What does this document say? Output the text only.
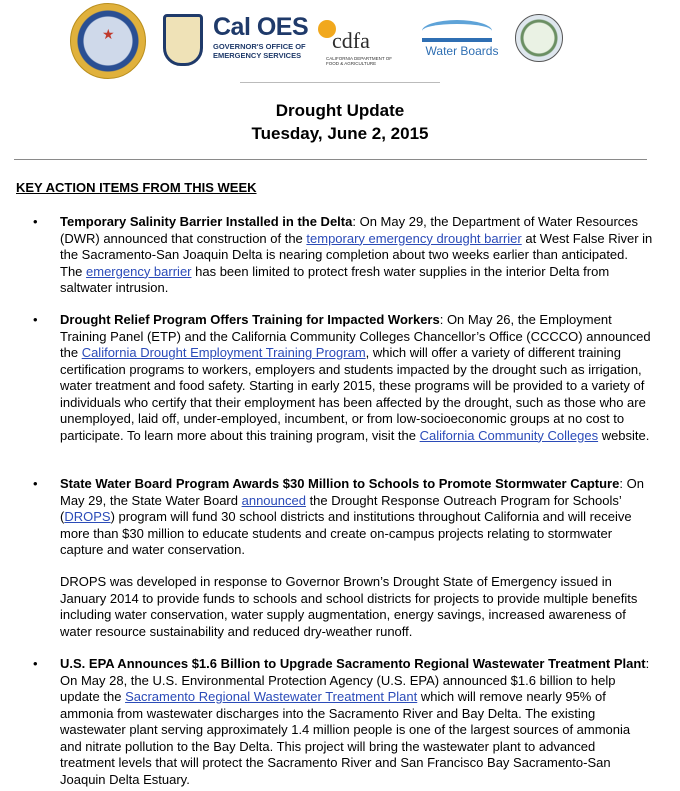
★	Cal OES
GOVERNOR'S OFFICE OF EMERGENCY SERVICES
cdfa
CALIFORNIA DEPARTMENT OF FOOD & AGRICULTURE
Water Boards
Drought Update
Tuesday, June 2, 2015
KEY ACTION ITEMS FROM THIS WEEK
• Temporary Salinity Barrier Installed in the Delta: On May 29, the Department of Water Resources (DWR) announced that construction of the temporary emergency drought barrier at West False River in the Sacramento-San Joaquin Delta is nearing completion about two weeks earlier than anticipated. The emergency barrier has been limited to protect fresh water supplies in the interior Delta from saltwater intrusion.
• Drought Relief Program Offers Training for Impacted Workers: On May 26, the Employment Training Panel (ETP) and the California Community Colleges Chancellor’s Office (CCCCO) announced the California Drought Employment Training Program, which will offer a variety of different training certification programs to workers, employers and students impacted by the drought such as irrigation, water treatment and food safety. Starting in early 2015, these programs will be provided to a variety of individuals who certify that their employment has been affected by the drought, such as those who are unemployed, laid off, under-employed, incumbent, or from low-socioeconomic groups at no cost to participate. To learn more about this training program, visit the California Community Colleges website.
• State Water Board Program Awards $30 Million to Schools to Promote Stormwater Capture: On May 29, the State Water Board announced the Drought Response Outreach Program for Schools’ (DROPS) program will fund 30 school districts and institutions throughout California and will receive more than $30 million to educate students and create on-campus projects relating to stormwater capture and water conservation.
DROPS was developed in response to Governor Brown’s Drought State of Emergency issued in January 2014 to provide funds to schools and school districts for projects to provide multiple benefits including water conservation, water supply augmentation, energy savings, increased awareness of water resource sustainability and reduced dry-weather runoff.
• U.S. EPA Announces $1.6 Billion to Upgrade Sacramento Regional Wastewater Treatment Plant: On May 28, the U.S. Environmental Protection Agency (U.S. EPA) announced $1.6 billion to help update the Sacramento Regional Wastewater Treatment Plant which will remove nearly 95% of ammonia from wastewater discharges into the Sacramento River and Bay Delta. The existing wastewater plant serving approximately 1.4 million people is one of the largest sources of ammonia and nitrate pollution to the Bay Delta. This project will bring the wastewater plant to advanced treatment levels that will protect the Sacramento River and San Francisco Bay Sacramento-San Joaquin Delta Estuary.
